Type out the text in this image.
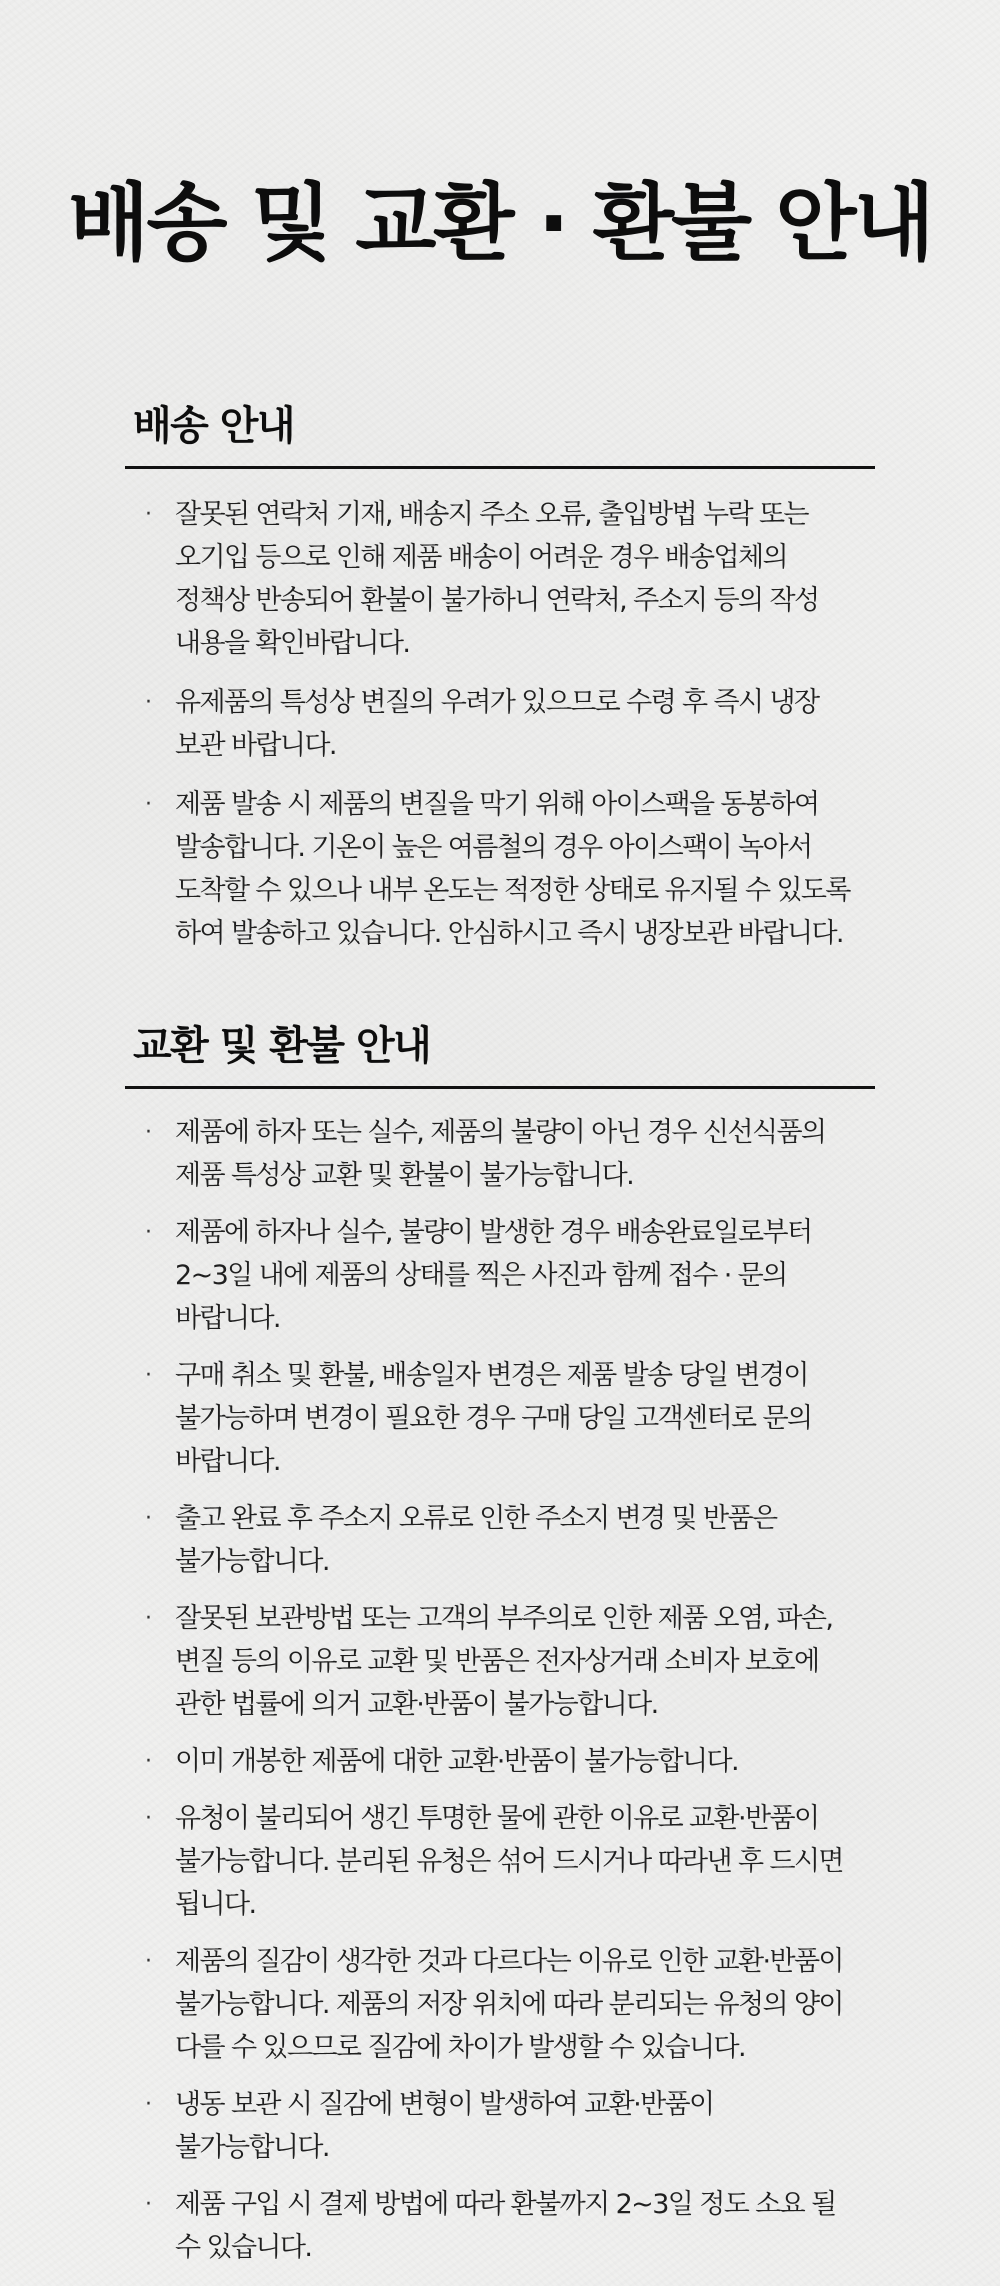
배송 및 교환 · 환불 안내
배송 안내
· 잘못된 연락처 기재, 배송지 주소 오류, 출입방법 누락 또는 오기입 등으로 인해 제품 배송이 어려운 경우 배송업체의 정책상 반송되어 환불이 불가하니 연락처, 주소지 등의 작성 내용을 확인바랍니다.
· 유제품의 특성상 변질의 우려가 있으므로 수령 후 즉시 냉장 보관 바랍니다.
· 제품 발송 시 제품의 변질을 막기 위해 아이스팩을 동봉하여 발송합니다. 기온이 높은 여름철의 경우 아이스팩이 녹아서 도착할 수 있으나 내부 온도는 적정한 상태로 유지될 수 있도록 하여 발송하고 있습니다. 안심하시고 즉시 냉장보관 바랍니다.
교환 및 환불 안내
· 제품에 하자 또는 실수, 제품의 불량이 아닌 경우 신선식품의 제품 특성상 교환 및 환불이 불가능합니다.
· 제품에 하자나 실수, 불량이 발생한 경우 배송완료일로부터 2~3일 내에 제품의 상태를 찍은 사진과 함께 접수 · 문의 바랍니다.
· 구매 취소 및 환불, 배송일자 변경은 제품 발송 당일 변경이 불가능하며 변경이 필요한 경우 구매 당일 고객센터로 문의 바랍니다.
· 출고 완료 후 주소지 오류로 인한 주소지 변경 및 반품은 불가능합니다.
· 잘못된 보관방법 또는 고객의 부주의로 인한 제품 오염, 파손, 변질 등의 이유로 교환 및 반품은 전자상거래 소비자 보호에 관한 법률에 의거 교환·반품이 불가능합니다.
· 이미 개봉한 제품에 대한 교환·반품이 불가능합니다.
· 유청이 불리되어 생긴 투명한 물에 관한 이유로 교환·반품이 불가능합니다. 분리된 유청은 섞어 드시거나 따라낸 후 드시면 됩니다.
· 제품의 질감이 생각한 것과 다르다는 이유로 인한 교환·반품이 불가능합니다. 제품의 저장 위치에 따라 분리되는 유청의 양이 다를 수 있으므로 질감에 차이가 발생할 수 있습니다.
· 냉동 보관 시 질감에 변형이 발생하여 교환·반품이 불가능합니다.
· 제품 구입 시 결제 방법에 따라 환불까지 2~3일 정도 소요 될 수 있습니다.
